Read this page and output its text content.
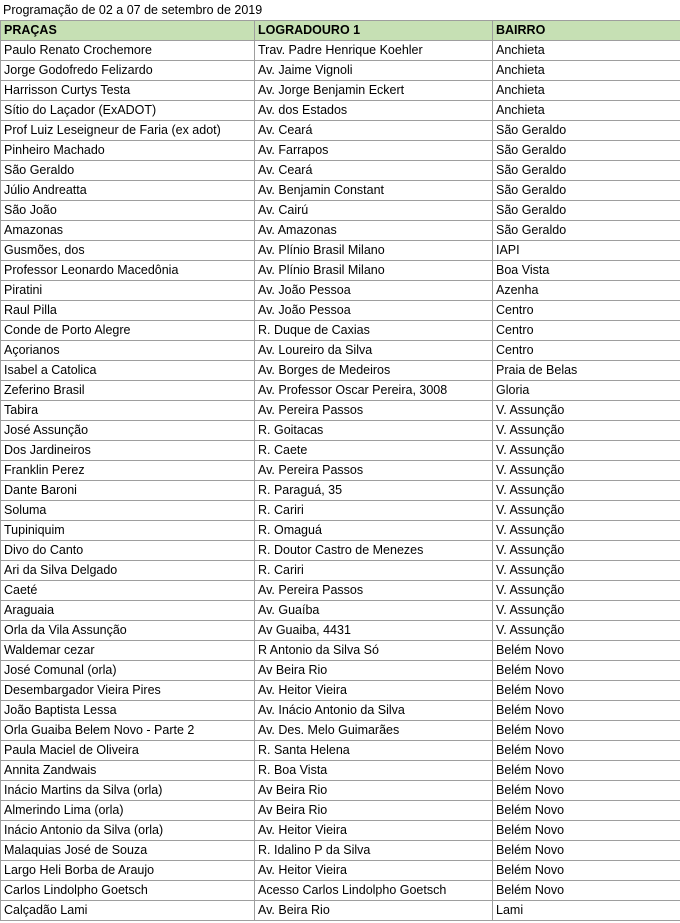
Programação de 02 a 07 de setembro de 2019
PRAÇAS	LOGRADOURO 1	BAIRRO
Paulo Renato Crochemore	Trav. Padre Henrique Koehler	Anchieta
Jorge Godofredo Felizardo	Av. Jaime Vignoli	Anchieta
Harrisson Curtys Testa	Av. Jorge Benjamin Eckert	Anchieta
Sítio do Laçador (ExADOT)	Av. dos Estados	Anchieta
Prof Luiz Leseigneur de Faria (ex adot)	Av. Ceará	São Geraldo
Pinheiro Machado	Av. Farrapos	São Geraldo
São Geraldo	Av. Ceará	São Geraldo
Júlio Andreatta	Av. Benjamin Constant	São Geraldo
São João	Av. Cairú	São Geraldo
Amazonas	Av. Amazonas	São Geraldo
Gusmões, dos	Av. Plínio Brasil Milano	IAPI
Professor Leonardo Macedônia	Av. Plínio Brasil Milano	Boa Vista
Piratini	Av. João Pessoa	Azenha
Raul Pilla	Av. João Pessoa	Centro
Conde de Porto Alegre	R. Duque de Caxias	Centro
Açorianos	Av. Loureiro da Silva	Centro
Isabel a Catolica	Av. Borges de Medeiros	Praia de Belas
Zeferino Brasil	Av. Professor Oscar Pereira, 3008	Gloria
Tabira	Av. Pereira Passos	V. Assunção
José Assunção	R. Goitacas	V. Assunção
Dos Jardineiros	R. Caete	V. Assunção
Franklin Perez	Av. Pereira Passos	V. Assunção
Dante Baroni	R. Paraguá, 35	V. Assunção
Soluma	R. Cariri	V. Assunção
Tupiniquim	R. Omaguá	V. Assunção
Divo do Canto	R. Doutor Castro de Menezes	V. Assunção
Ari da Silva Delgado	R. Cariri	V. Assunção
Caeté	Av. Pereira Passos	V. Assunção
Araguaia	Av. Guaíba	V. Assunção
Orla da Vila Assunção	Av Guaiba, 4431	V. Assunção
Waldemar cezar	R Antonio da Silva Só	Belém Novo
José Comunal (orla)	Av Beira Rio	Belém Novo
Desembargador Vieira Pires	Av. Heitor Vieira	Belém Novo
João Baptista Lessa	Av. Inácio Antonio da Silva	Belém Novo
Orla Guaiba Belem Novo - Parte 2	Av. Des. Melo Guimarães	Belém Novo
Paula Maciel de Oliveira	R. Santa Helena	Belém Novo
Annita Zandwais	R. Boa Vista	Belém Novo
Inácio Martins da Silva (orla)	Av Beira Rio	Belém Novo
Almerindo Lima (orla)	Av Beira Rio	Belém Novo
Inácio Antonio da Silva (orla)	Av. Heitor Vieira	Belém Novo
Malaquias José de Souza	R. Idalino P da Silva	Belém Novo
Largo Heli Borba de Araujo	Av. Heitor Vieira	Belém Novo
Carlos Lindolpho Goetsch	Acesso Carlos Lindolpho Goetsch	Belém Novo
Calçadão Lami	Av. Beira Rio	Lami
